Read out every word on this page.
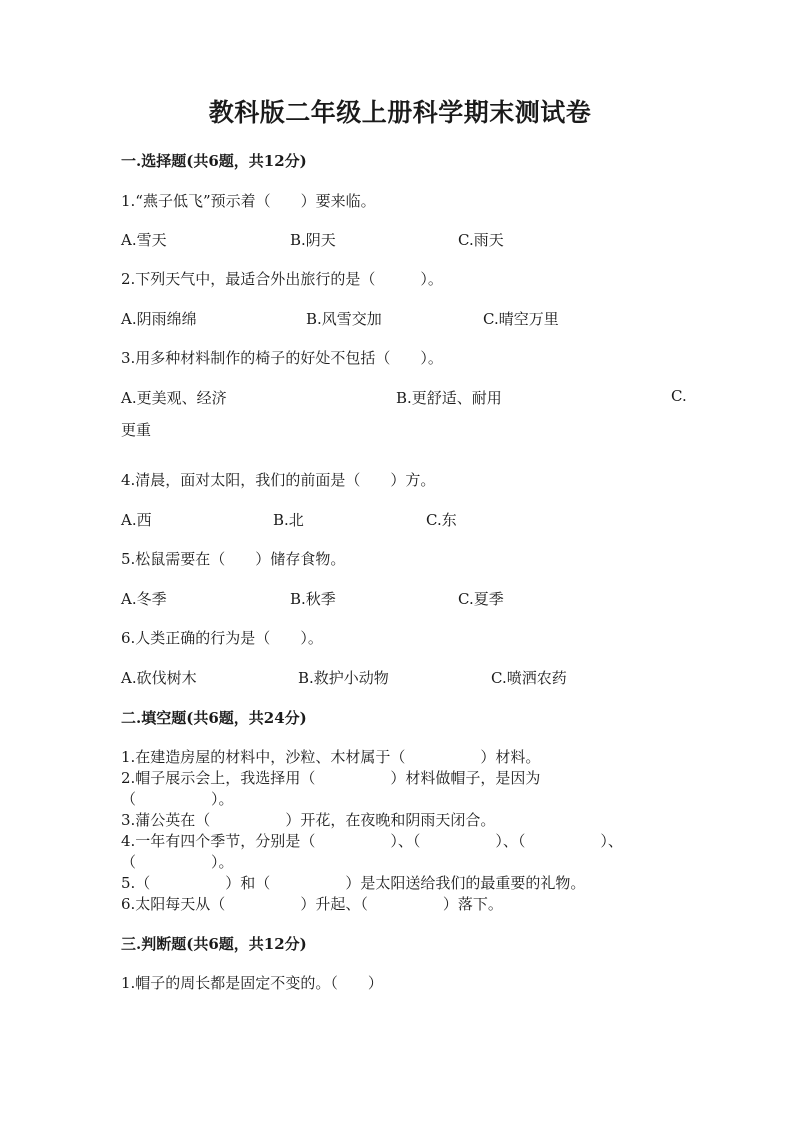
教科版二年级上册科学期末测试卷
一.选择题(共6题，共12分)
1.“燕子低飞”预示着（　　）要来临。
A.雪天	B.阴天	C.雨天
2.下列天气中，最适合外出旅行的是（　　　）。
A.阴雨绵绵	B.风雪交加	C.晴空万里
3.用多种材料制作的椅子的好处不包括（　　）。
A.更美观、经济	B.更舒适、耐用	C.
更重
4.清晨，面对太阳，我们的前面是（　　）方。
A.西	B.北	C.东
5.松鼠需要在（　　）储存食物。
A.冬季	B.秋季	C.夏季
6.人类正确的行为是（　　）。
A.砍伐树木	B.救护小动物	C.喷洒农药
二.填空题(共6题，共24分)
1.在建造房屋的材料中，沙粒、木材属于（　　　　　）材料。
2.帽子展示会上，我选择用（　　　　　）材料做帽子，是因为
（　　　　　）。
3.蒲公英在（　　　　　）开花，在夜晚和阴雨天闭合。
4.一年有四个季节，分别是（　　　　　）、（　　　　　）、（　　　　　）、
（　　　　　）。
5.（　　　　　）和（　　　　　）是太阳送给我们的最重要的礼物。
6.太阳每天从（　　　　　）升起、（　　　　　）落下。
三.判断题(共6题，共12分)
1.帽子的周长都是固定不变的。（　　）
